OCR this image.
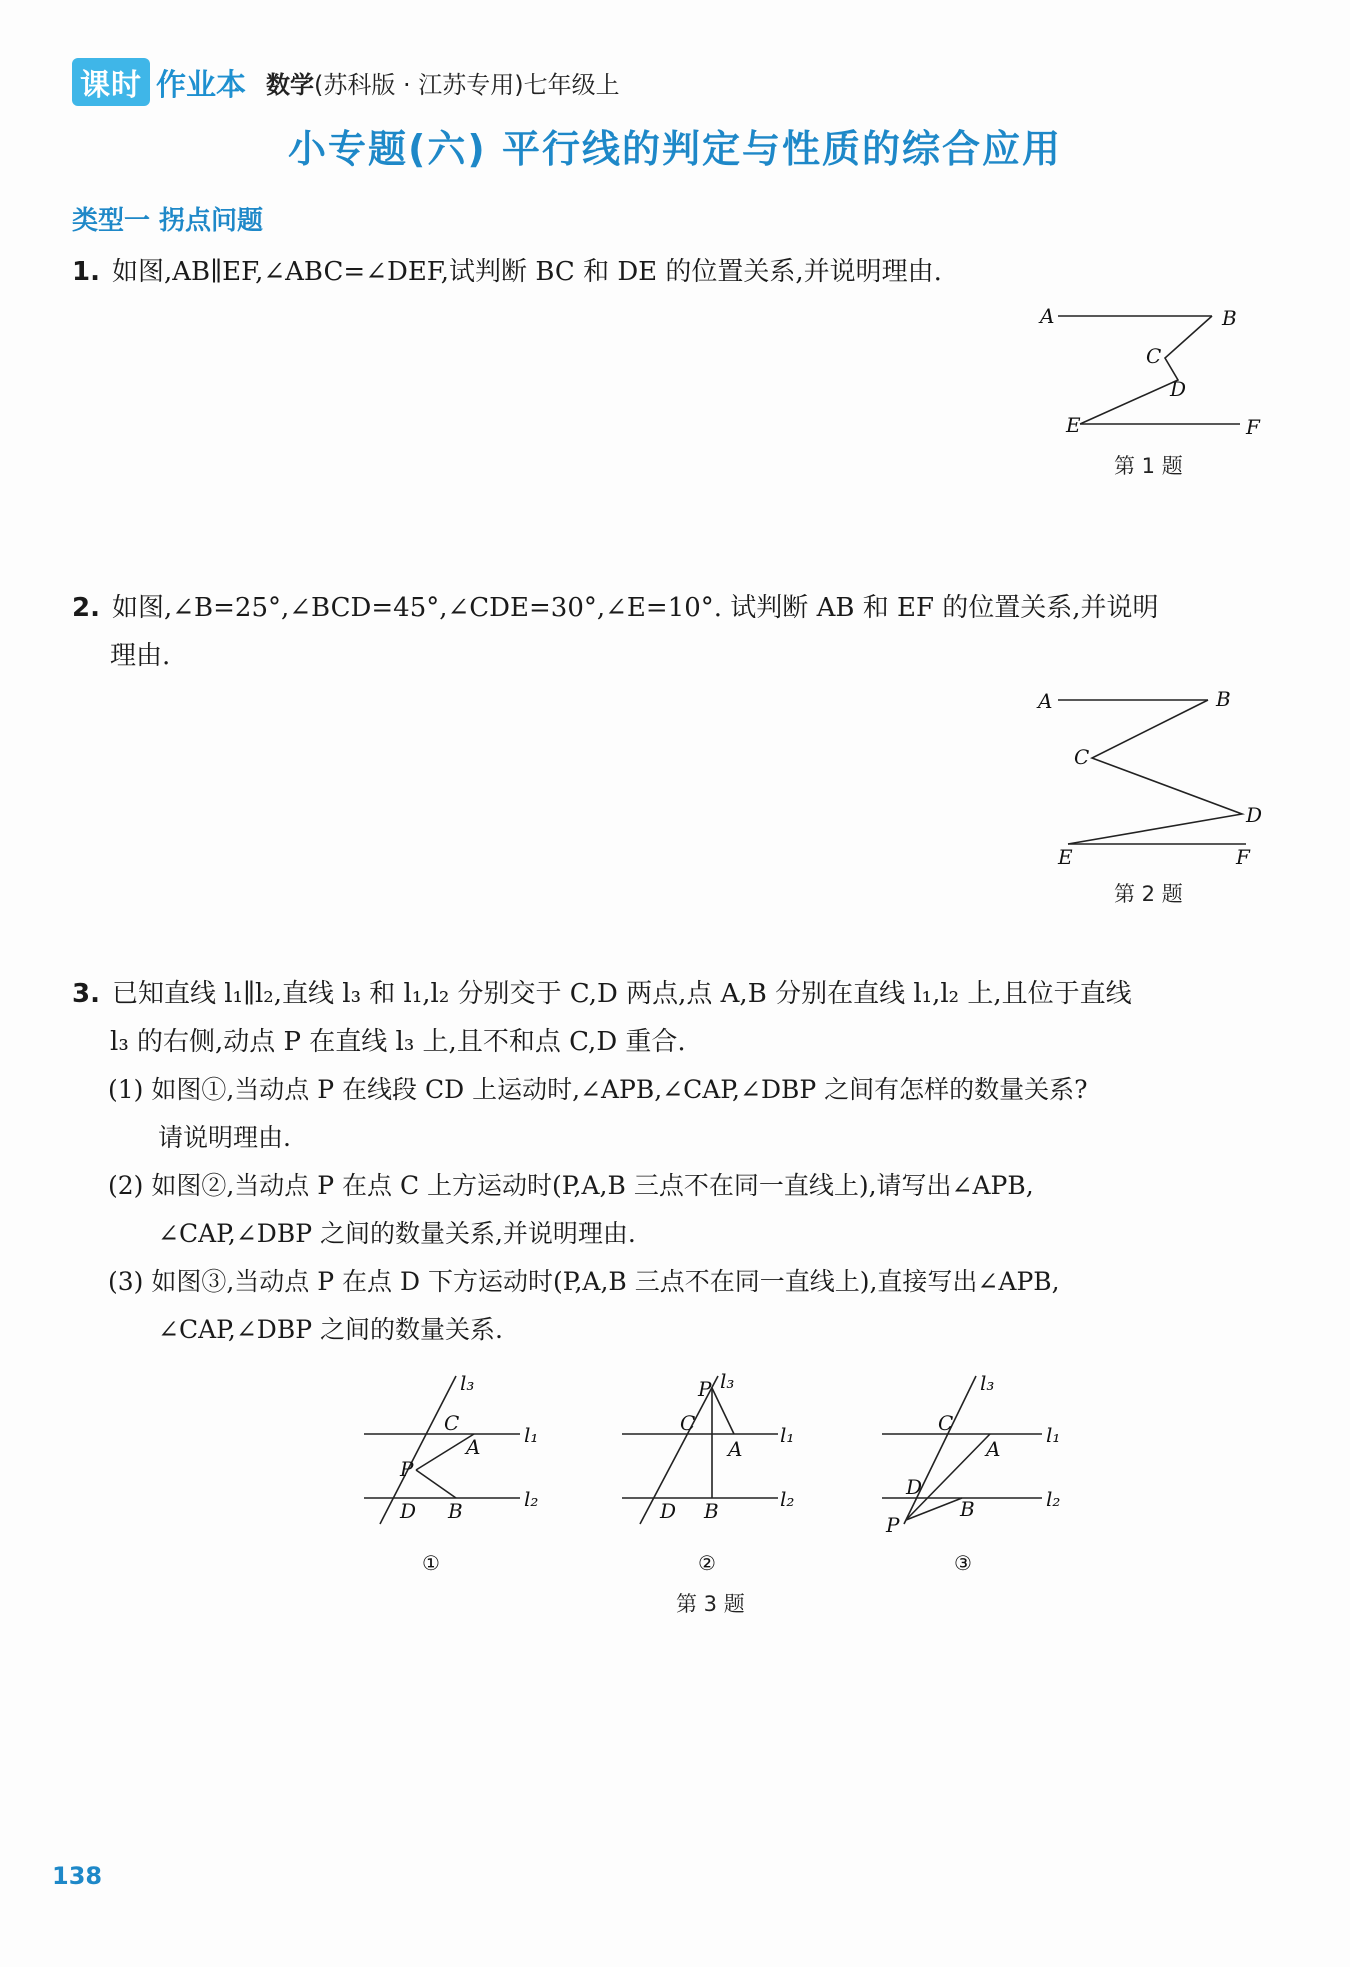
课时 作业本 数学(苏科版 · 江苏专用)七年级上
小专题(六) 平行线的判定与性质的综合应用
类型一 拐点问题
1. 如图,AB∥EF,∠ABC=∠DEF,试判断 BC 和 DE 的位置关系,并说明理由.
A	B
C
D
E	F
第 1 题
2. 如图,∠B=25°,∠BCD=45°,∠CDE=30°,∠E=10°. 试判断 AB 和 EF 的位置关系,并说明
理由.
A	B
C
D
E	F
第 2 题
3. 已知直线 l₁∥l₂,直线 l₃ 和 l₁,l₂ 分别交于 C,D 两点,点 A,B 分别在直线 l₁,l₂ 上,且位于直线
l₃ 的右侧,动点 P 在直线 l₃ 上,且不和点 C,D 重合.
(1) 如图①,当动点 P 在线段 CD 上运动时,∠APB,∠CAP,∠DBP 之间有怎样的数量关系?
请说明理由.
(2) 如图②,当动点 P 在点 C 上方运动时(P,A,B 三点不在同一直线上),请写出∠APB,
∠CAP,∠DBP 之间的数量关系,并说明理由.
(3) 如图③,当动点 P 在点 D 下方运动时(P,A,B 三点不在同一直线上),直接写出∠APB,
∠CAP,∠DBP 之间的数量关系.
l₃
C	l₁
A
P
D B	l₂
①
l₃
P
C	l₁
A
D B	l₂
②
l₃
C	l₁
A
D	l₂
B
P
③
第 3 题
138
